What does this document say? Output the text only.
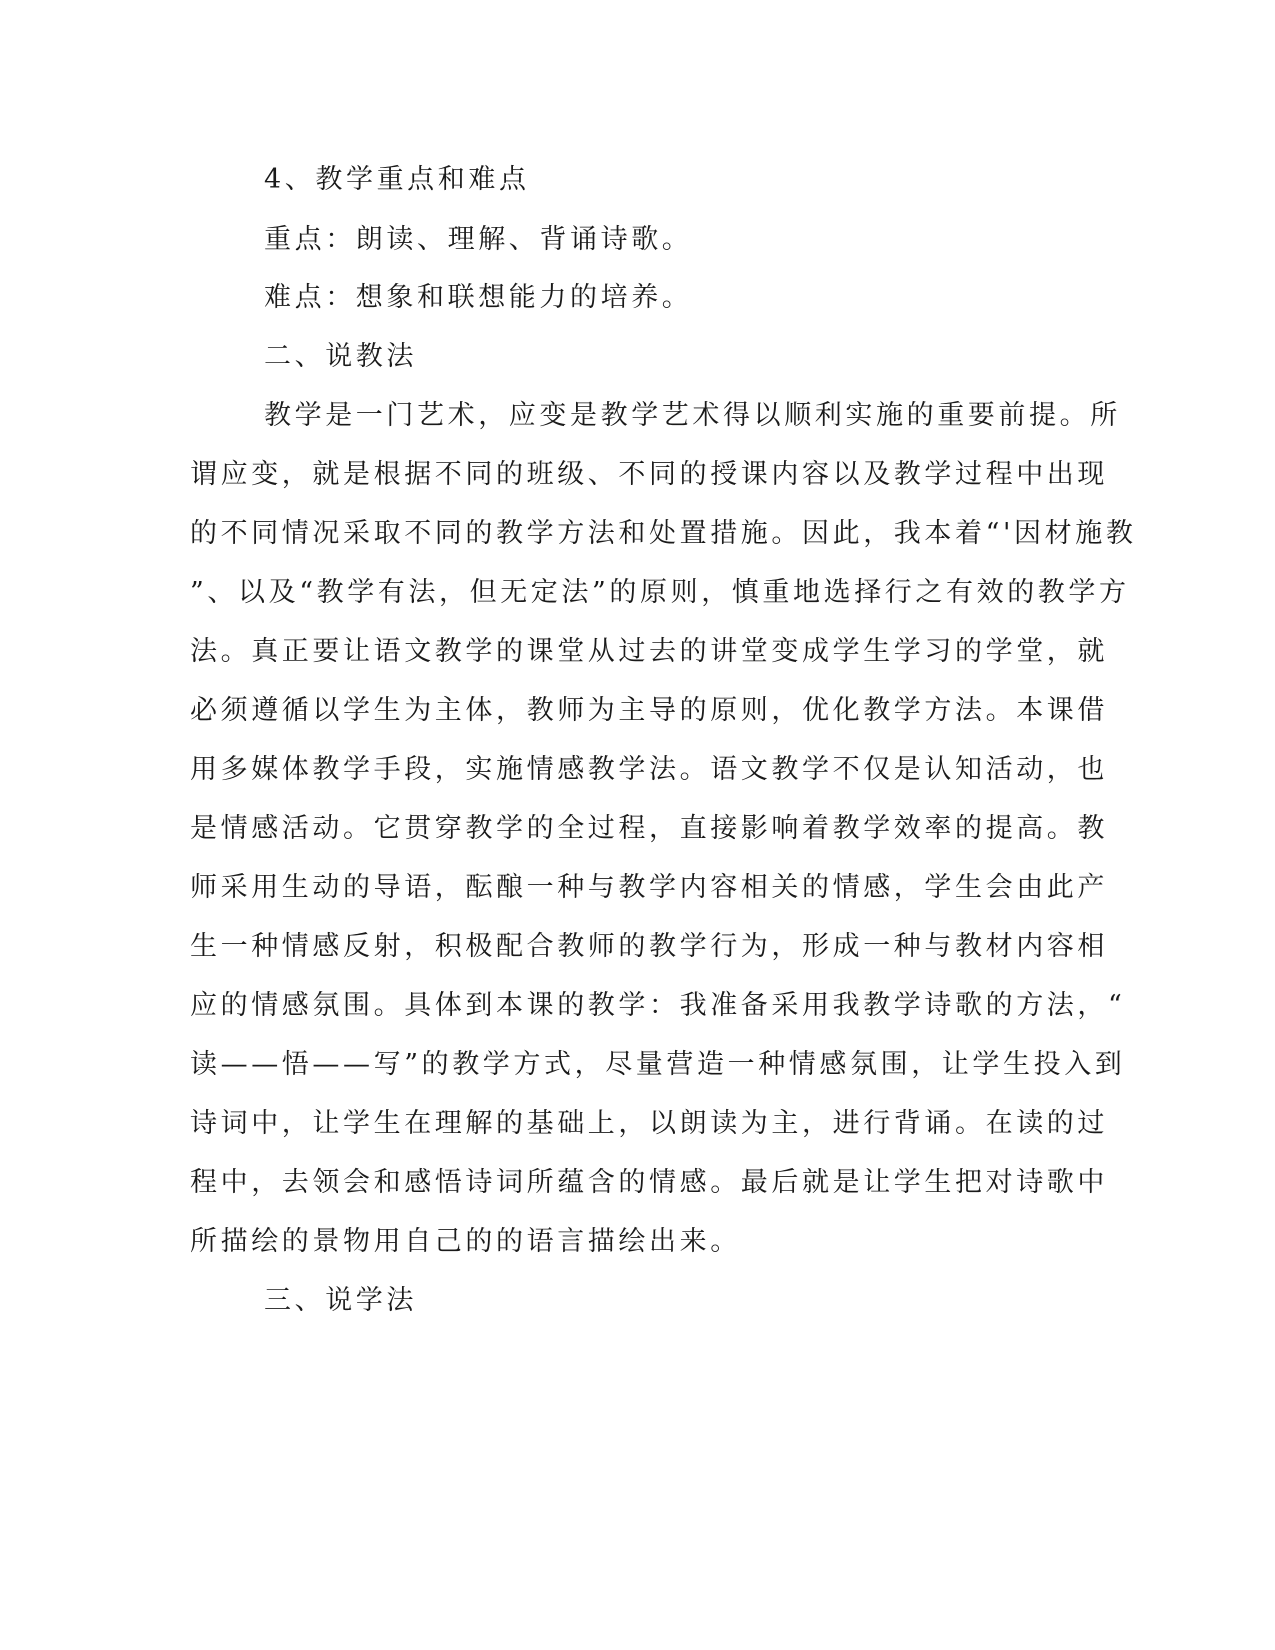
4、教学重点和难点
重点：朗读、理解、背诵诗歌。
难点：想象和联想能力的培养。
二、说教法
教学是一门艺术，应变是教学艺术得以顺利实施的重要前提。所
谓应变，就是根据不同的班级、不同的授课内容以及教学过程中出现
的不同情况采取不同的教学方法和处置措施。因此，我本着“'因材施教
”、以及“教学有法，但无定法”的原则，慎重地选择行之有效的教学方
法。真正要让语文教学的课堂从过去的讲堂变成学生学习的学堂，就
必须遵循以学生为主体，教师为主导的原则，优化教学方法。本课借
用多媒体教学手段，实施情感教学法。语文教学不仅是认知活动，也
是情感活动。它贯穿教学的全过程，直接影响着教学效率的提高。教
师采用生动的导语，酝酿一种与教学内容相关的情感，学生会由此产
生一种情感反射，积极配合教师的教学行为，形成一种与教材内容相
应的情感氛围。具体到本课的教学：我准备采用我教学诗歌的方法，“
读——悟——写”的教学方式，尽量营造一种情感氛围，让学生投入到
诗词中，让学生在理解的基础上，以朗读为主，进行背诵。在读的过
程中，去领会和感悟诗词所蕴含的情感。最后就是让学生把对诗歌中
所描绘的景物用自己的的语言描绘出来。
三、说学法
